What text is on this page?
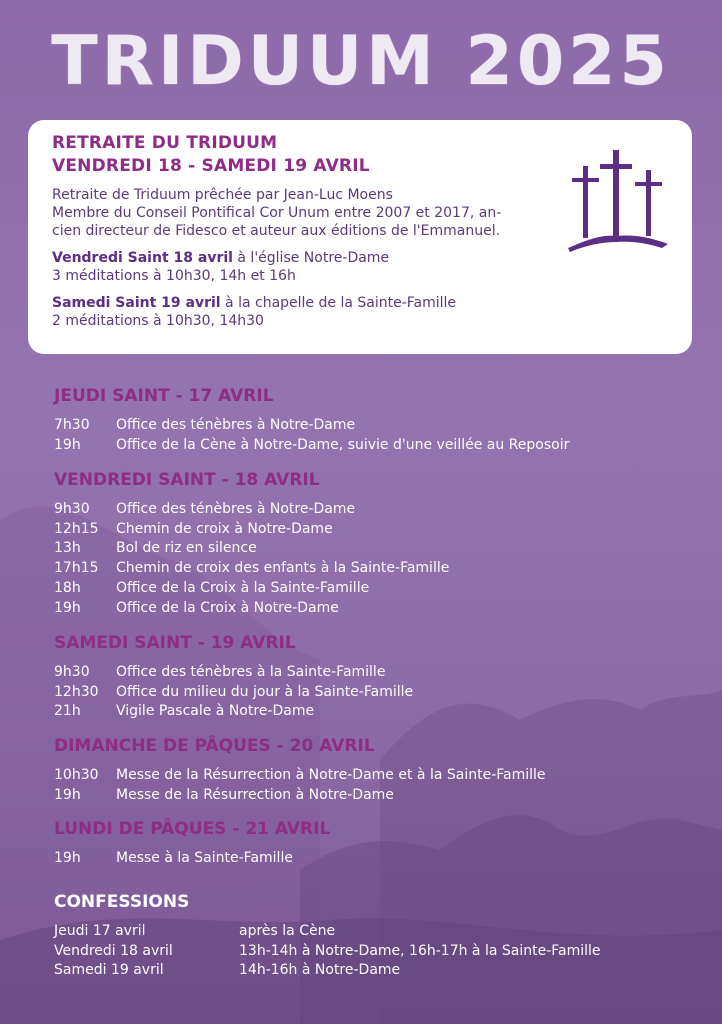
TRIDUUM 2025
RETRAITE DU TRIDUUM
VENDREDI 18 - SAMEDI 19 AVRIL

Retraite de Triduum prêchée par Jean-Luc Moens

Membre du Conseil Pontifical Cor Unum entre 2007 et 2017, an-

cien directeur de Fidesco et auteur aux éditions de l'Emmanuel.

Vendredi Saint 18 avril à l'église Notre-Dame

3 méditations à 10h30, 14h et 16h

Samedi Saint 19 avril à la chapelle de la Sainte-Famille

2 méditations à 10h30, 14h30

JEUDI SAINT - 17 AVRIL
7h30	Office des ténèbres à Notre-Dame
19h	Office de la Cène à Notre-Dame, suivie d'une veillée au Reposoir
VENDREDI SAINT - 18 AVRIL
9h30	Office des ténèbres à Notre-Dame
12h15	Chemin de croix à Notre-Dame
13h	Bol de riz en silence
17h15	Chemin de croix des enfants à la Sainte-Famille
18h	Office de la Croix à la Sainte-Famille
19h	Office de la Croix à Notre-Dame
SAMEDI SAINT - 19 AVRIL
9h30	Office des ténèbres à la Sainte-Famille
12h30	Office du milieu du jour à la Sainte-Famille
21h	Vigile Pascale à Notre-Dame
DIMANCHE DE PÂQUES - 20 AVRIL
10h30	Messe de la Résurrection à Notre-Dame et à la Sainte-Famille
19h	Messe de la Résurrection à Notre-Dame
LUNDI DE PÂQUES - 21 AVRIL
19h	Messe à la Sainte-Famille
CONFESSIONS
Jeudi 17 avril	après la Cène
Vendredi 18 avril	13h-14h à Notre-Dame, 16h-17h à la Sainte-Famille
Samedi 19 avril	14h-16h à Notre-Dame
